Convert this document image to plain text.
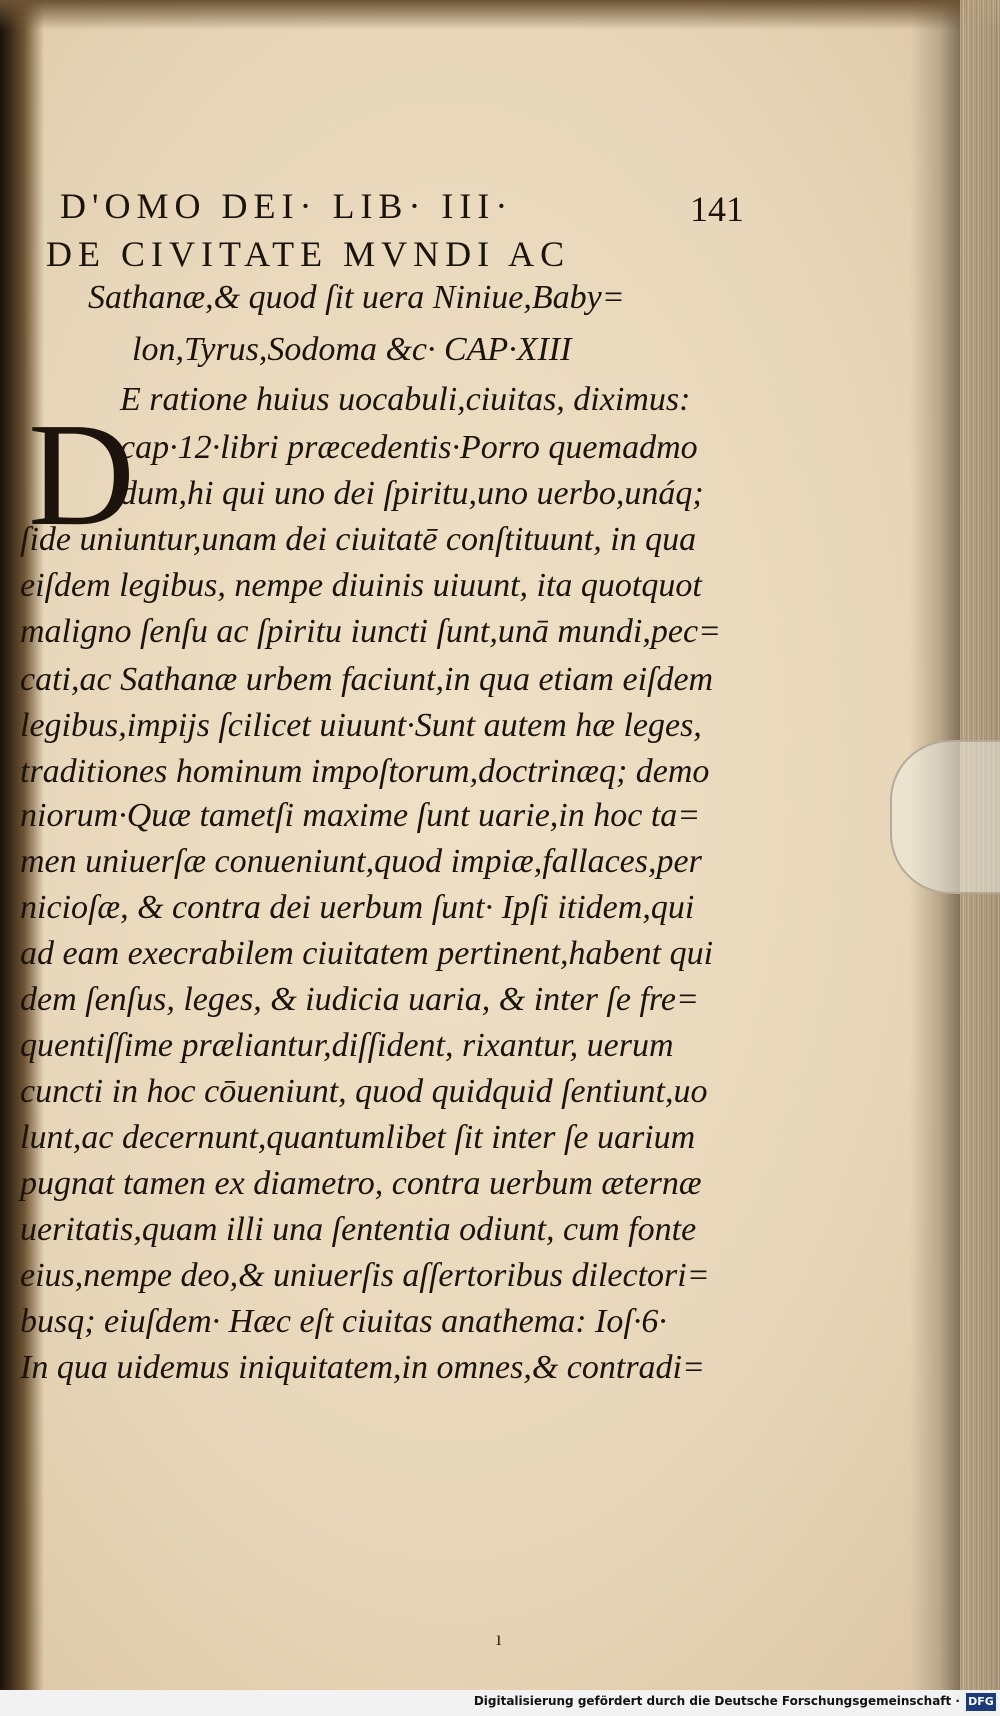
D'OMO DEI· LIB· III·	141
DE CIVITATE MVNDI AC
Sathanæ,& quod ſit uera Niniue,Baby=
lon,Tyrus,Sodoma &c· CAP·XIII
D
E ratione huius uocabuli,ciuitas, diximus:
cap·12·libri præcedentis·Porro quemadmo
dum,hi qui uno dei ſpiritu,uno uerbo,unáq;
ſide uniuntur,unam dei ciuitatē conſtituunt, in qua
eiſdem legibus, nempe diuinis uiuunt, ita quotquot
maligno ſenſu ac ſpiritu iuncti ſunt,unā mundi,pec=
cati,ac Sathanæ urbem faciunt,in qua etiam eiſdem
legibus,impijs ſcilicet uiuunt·Sunt autem hæ leges,
traditiones hominum impoſtorum,doctrinæq; demo
niorum·Quæ tametſi maxime ſunt uarie,in hoc ta=
men uniuerſæ conueniunt,quod impiæ,fallaces,per
nicioſæ, & contra dei uerbum ſunt· Ipſi itidem,qui
ad eam execrabilem ciuitatem pertinent,habent qui
dem ſenſus, leges, & iudicia uaria, & inter ſe fre=
quentiſſime præliantur,diſſident, rixantur, uerum
cuncti in hoc cōueniunt, quod quidquid ſentiunt,uo
lunt,ac decernunt,quantumlibet ſit inter ſe uarium
pugnat tamen ex diametro, contra uerbum æternæ
ueritatis,quam illi una ſententia odiunt, cum fonte
eius,nempe deo,& uniuerſis aſſertoribus dilectori=
busq; eiuſdem· Hæc eſt ciuitas anathema: Ioſ·6·
In qua uidemus iniquitatem,in omnes,& contradi=
ı
Digitalisierung gefördert durch die Deutsche Forschungsgemeinschaft · DFG
